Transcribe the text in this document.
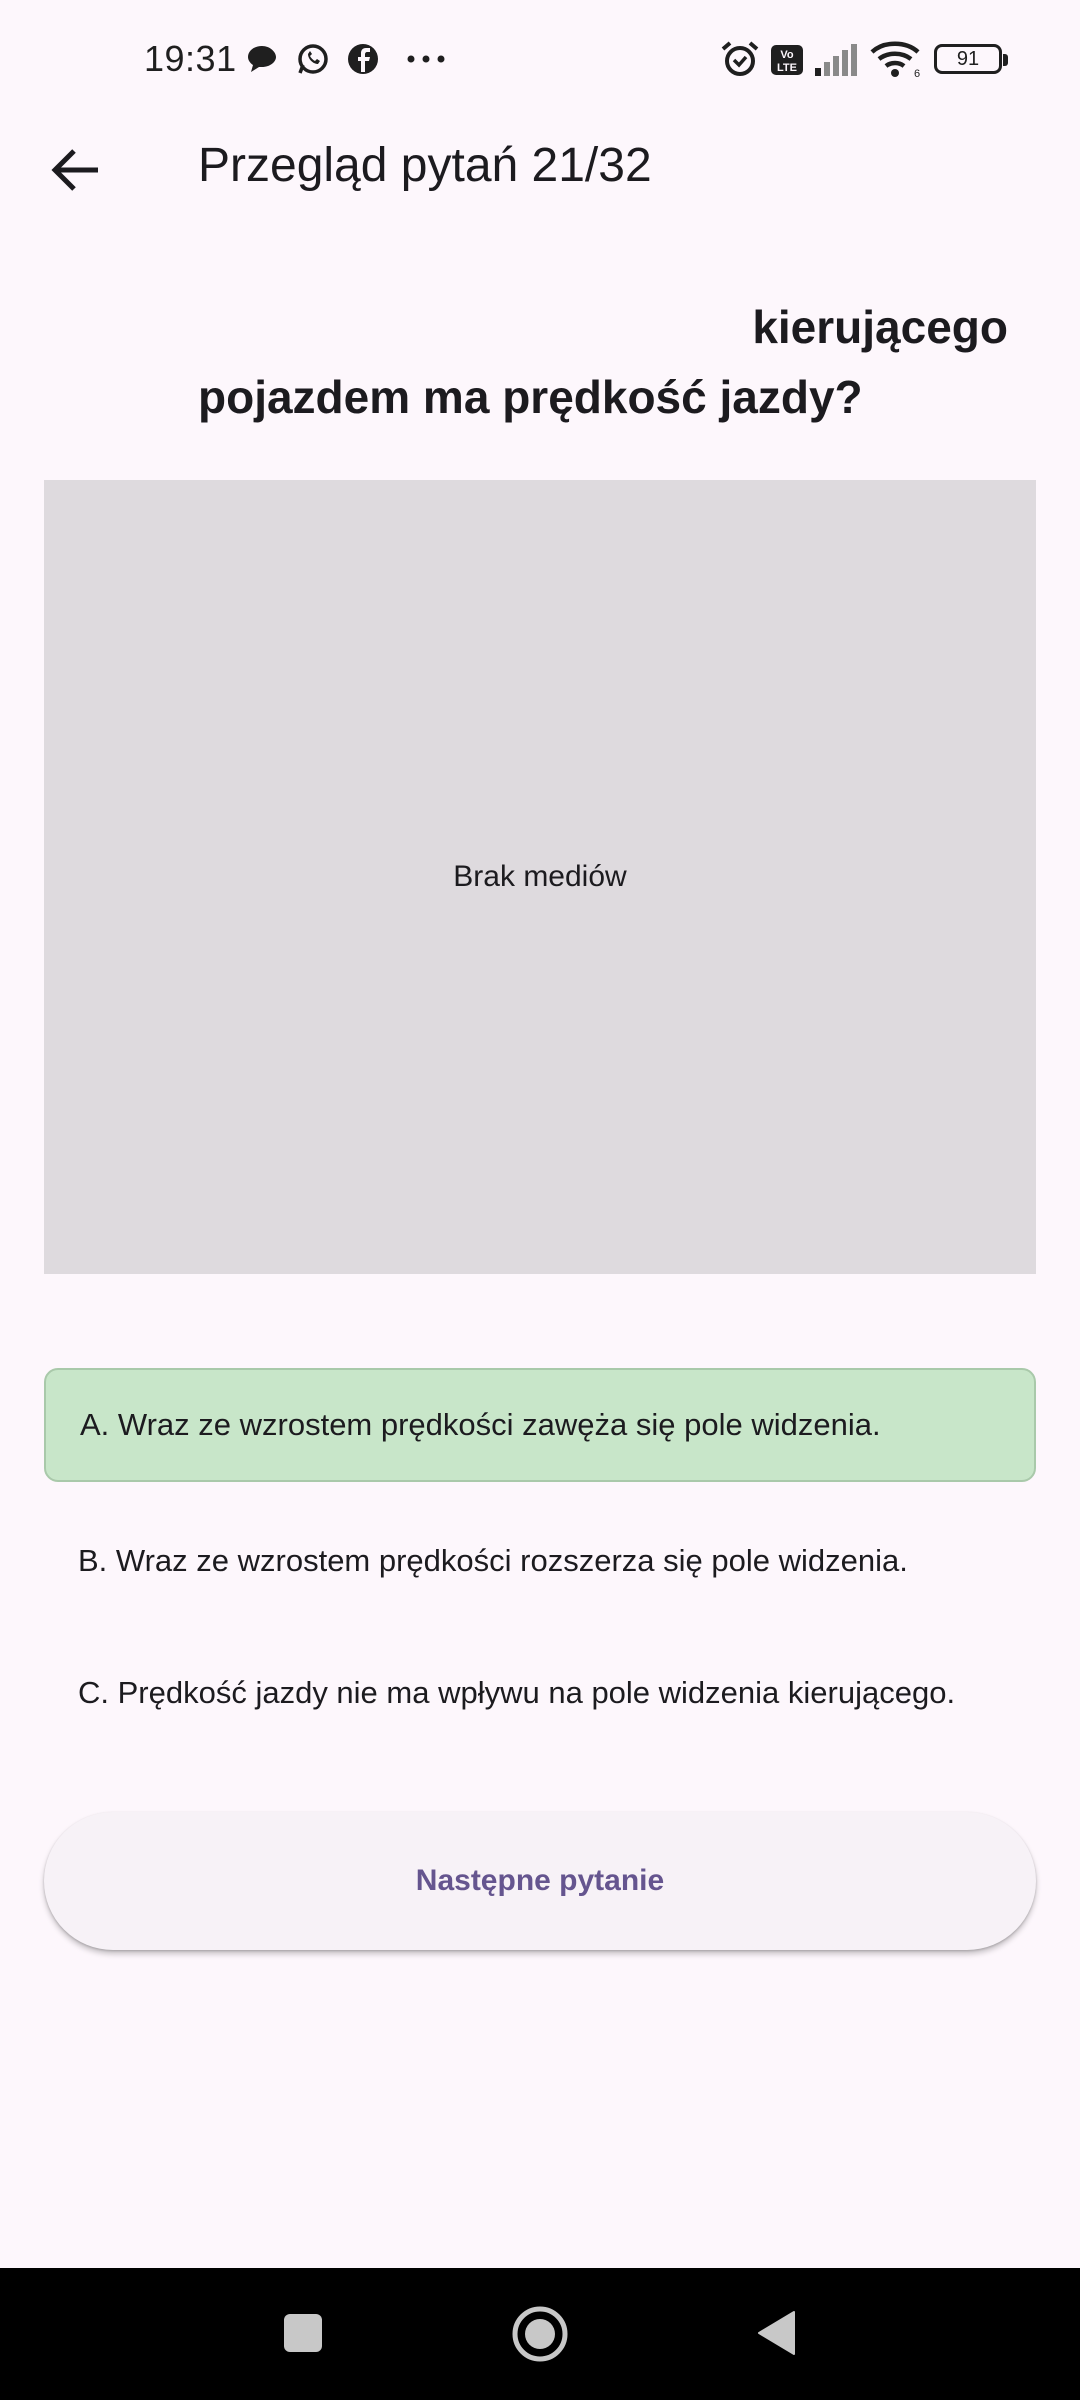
19:31	Vo
LTE	6
91
Przegląd pytań 21/32
kierującego
pojazdem ma prędkość jazdy?
Brak mediów
A. Wraz ze wzrostem prędkości zawęża się pole widzenia.
B. Wraz ze wzrostem prędkości rozszerza się pole widzenia.
C. Prędkość jazdy nie ma wpływu na pole widzenia kierującego.
Następne pytanie
